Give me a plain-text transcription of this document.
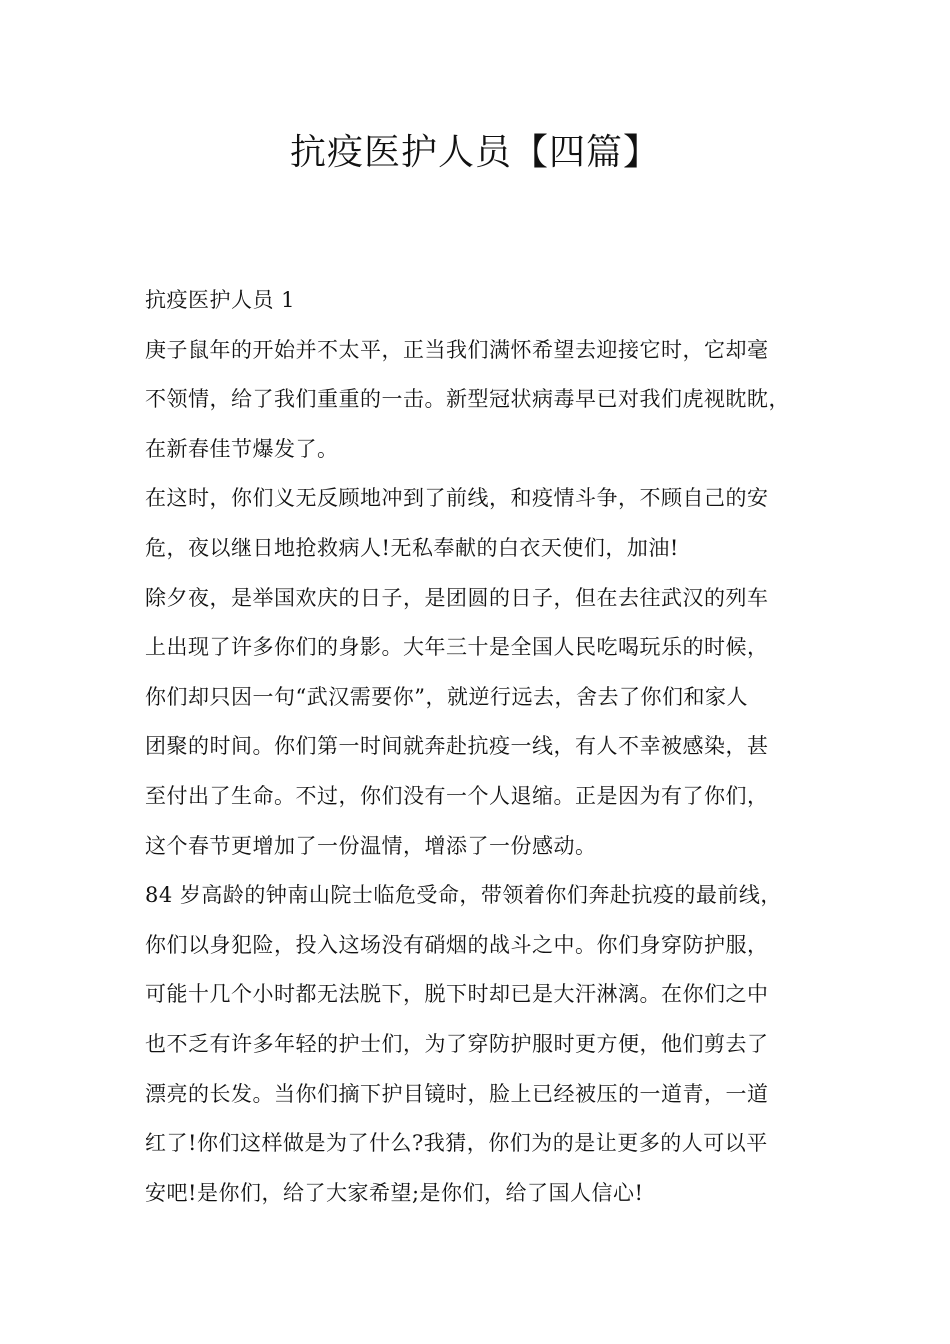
抗疫医护人员【四篇】
抗疫医护人员 1
庚子鼠年的开始并不太平，正当我们满怀希望去迎接它时，它却毫
不领情，给了我们重重的一击。新型冠状病毒早已对我们虎视眈眈，
在新春佳节爆发了。
在这时，你们义无反顾地冲到了前线，和疫情斗争，不顾自己的安
危，夜以继日地抢救病人!无私奉献的白衣天使们，加油!
除夕夜，是举国欢庆的日子，是团圆的日子，但在去往武汉的列车
上出现了许多你们的身影。大年三十是全国人民吃喝玩乐的时候，
你们却只因一句“武汉需要你”，就逆行远去，舍去了你们和家人
团聚的时间。你们第一时间就奔赴抗疫一线，有人不幸被感染，甚
至付出了生命。不过，你们没有一个人退缩。正是因为有了你们，
这个春节更增加了一份温情，增添了一份感动。
84 岁高龄的钟南山院士临危受命，带领着你们奔赴抗疫的最前线，
你们以身犯险，投入这场没有硝烟的战斗之中。你们身穿防护服，
可能十几个小时都无法脱下，脱下时却已是大汗淋漓。在你们之中
也不乏有许多年轻的护士们，为了穿防护服时更方便，他们剪去了
漂亮的长发。当你们摘下护目镜时，脸上已经被压的一道青，一道
红了!你们这样做是为了什么?我猜，你们为的是让更多的人可以平
安吧!是你们，给了大家希望;是你们，给了国人信心!
